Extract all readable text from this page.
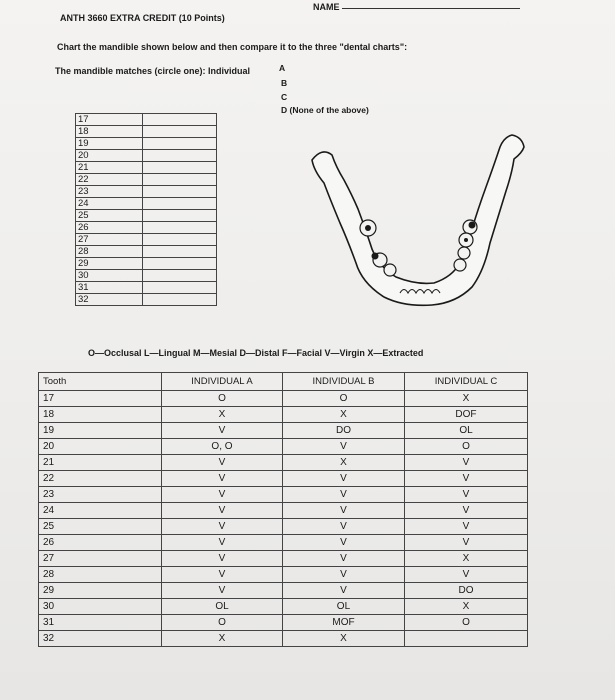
ANTH 3660 EXTRA CREDIT (10 Points)
NAME
Chart the mandible shown below and then compare it to the three "dental charts":
The mandible matches (circle one): Individual	A
B
C
D (None of the above)
17	
18	
19	
20	
21	
22	
23	
24	
25	
26	
27	
28	
29	
30	
31	
32	
O—Occlusal L—Lingual M—Mesial D—Distal F—Facial V—Virgin X—Extracted
Tooth	INDIVIDUAL A	INDIVIDUAL B	INDIVIDUAL C
17	O	O	X
18	X	X	DOF
19	V	DO	OL
20	O, O	V	O
21	V	X	V
22	V	V	V
23	V	V	V
24	V	V	V
25	V	V	V
26	V	V	V
27	V	V	X
28	V	V	V
29	V	V	DO
30	OL	OL	X
31	O	MOF	O
32	X	X	
